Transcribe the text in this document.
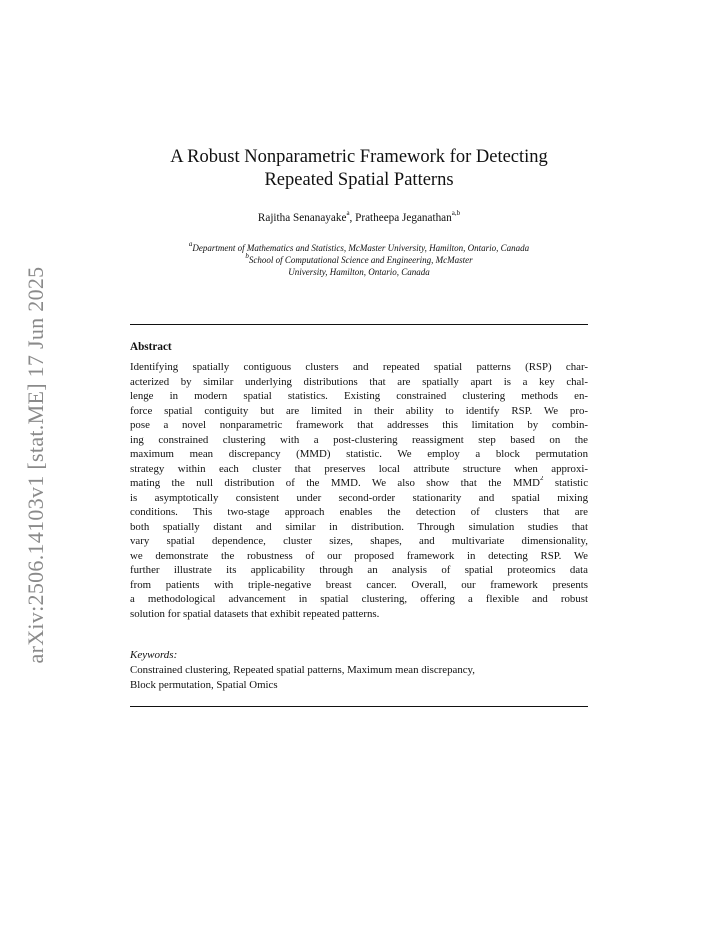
arXiv:2506.14103v1 [stat.ME] 17 Jun 2025
A Robust Nonparametric Framework for Detecting
Repeated Spatial Patterns
Rajitha Senanayake$^a$, Pratheepa Jeganathan$^{a,b}$
$^a$Department of Mathematics and Statistics, McMaster University, Hamilton, Ontario, Canada
$^b$School of Computational Science and Engineering, McMaster
University, Hamilton, Ontario, Canada
Abstract
Identifying spatially contiguous clusters and repeated spatial patterns (RSP) char-
acterized by similar underlying distributions that are spatially apart is a key chal-
lenge in modern spatial statistics. Existing constrained clustering methods en-
force spatial contiguity but are limited in their ability to identify RSP. We pro-
pose a novel nonparametric framework that addresses this limitation by combin-
ing constrained clustering with a post-clustering reassigment step based on the
maximum mean discrepancy (MMD) statistic. We employ a block permutation
strategy within each cluster that preserves local attribute structure when approxi-
mating the null distribution of the MMD. We also show that the MMD$^2$ statistic
is asymptotically consistent under second-order stationarity and spatial mixing
conditions. This two-stage approach enables the detection of clusters that are
both spatially distant and similar in distribution. Through simulation studies that
vary spatial dependence, cluster sizes, shapes, and multivariate dimensionality,
we demonstrate the robustness of our proposed framework in detecting RSP. We
further illustrate its applicability through an analysis of spatial proteomics data
from patients with triple-negative breast cancer. Overall, our framework presents
a methodological advancement in spatial clustering, offering a flexible and robust
solution for spatial datasets that exhibit repeated patterns.
Keywords:
Constrained clustering, Repeated spatial patterns, Maximum mean discrepancy,
Block permutation, Spatial Omics
